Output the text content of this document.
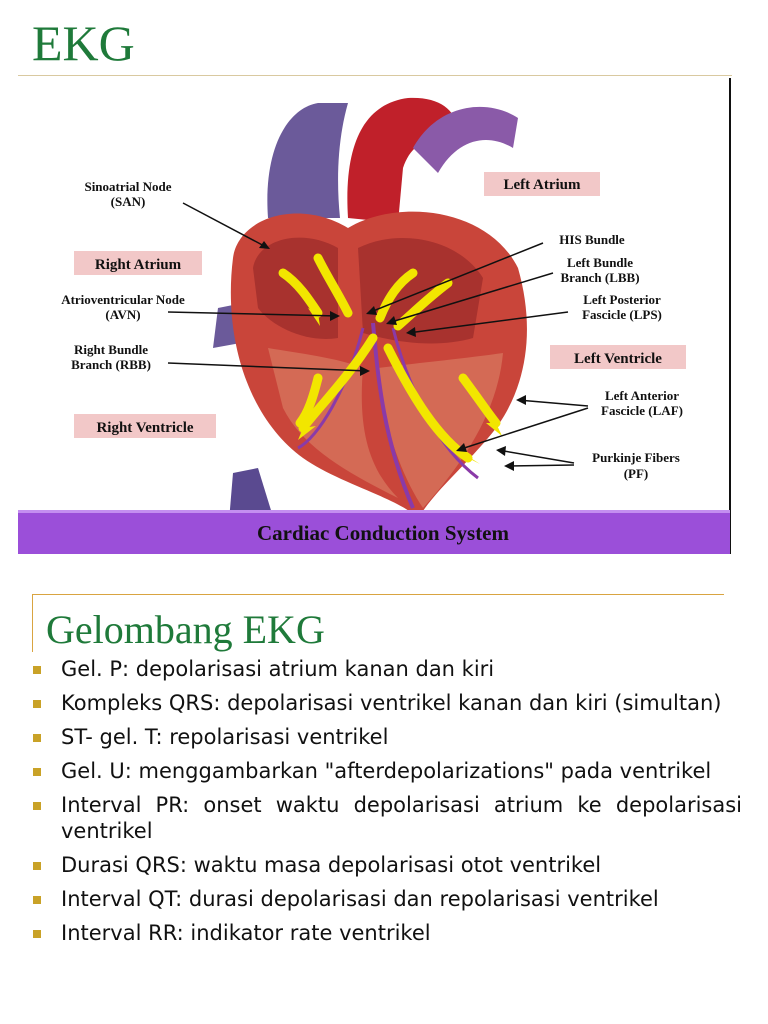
EKG
Sinoatrial Node
(SAN)
Right Atrium
Atrioventricular Node
(AVN)
Right Bundle
Branch (RBB)
Right Ventricle
Left Atrium
HIS Bundle
Left Bundle
Branch (LBB)
Left Posterior
Fascicle (LPS)
Left Ventricle
Left Anterior
Fascicle (LAF)
Purkinje Fibers
(PF)
Cardiac Conduction System
Gelombang EKG
Gel. P: depolarisasi atrium kanan dan kiri
Kompleks QRS: depolarisasi ventrikel kanan dan kiri (simultan)
ST- gel. T: repolarisasi ventrikel
Gel. U: menggambarkan "afterdepolarizations" pada ventrikel
Interval PR: onset waktu depolarisasi atrium ke depolarisasi ventrikel
Durasi QRS: waktu masa depolarisasi otot ventrikel
Interval QT: durasi depolarisasi dan repolarisasi ventrikel
Interval RR: indikator rate ventrikel
